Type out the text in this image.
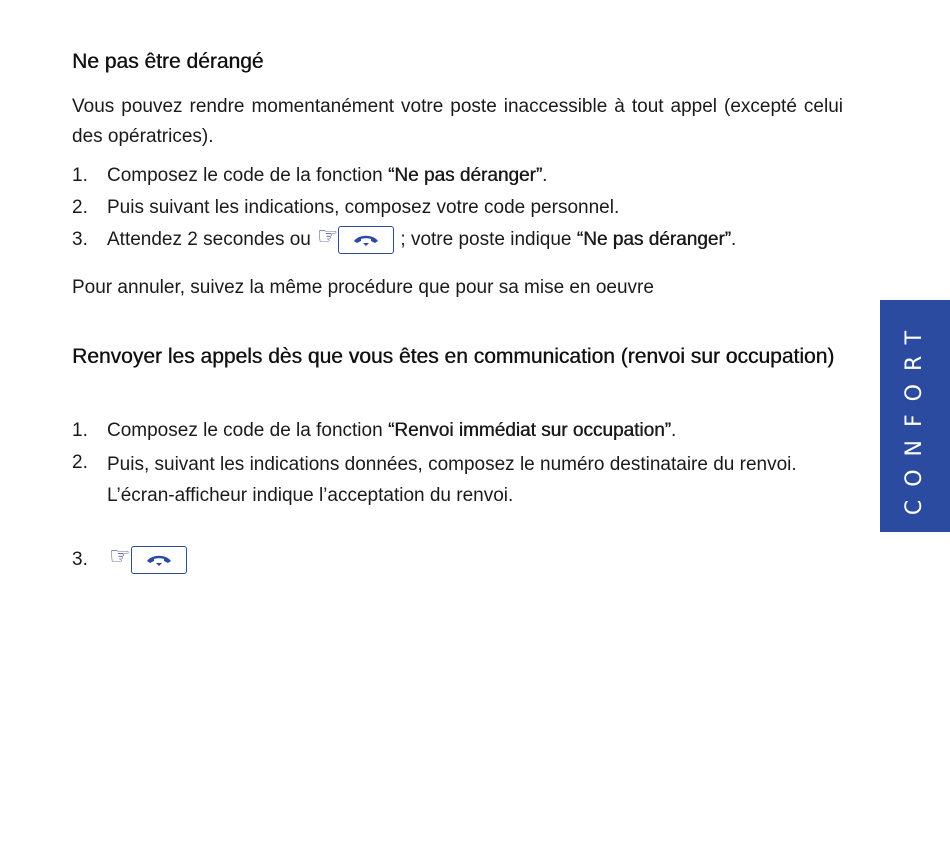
Ne pas être dérangé

Vous pouvez rendre momentanément votre poste inaccessible à tout appel (excepté celui des opératrices).

1.	Composez le code de la fonction “Ne pas déranger”.
2.	Puis suivant les indications, composez votre code personnel.
3.	Attendez 2 secondes ou ☞	; votre poste indique “Ne pas déranger”.

Pour annuler, suivez la même procédure que pour sa mise en oeuvre

Renvoyer les appels dès que vous êtes en communication (renvoi sur occupation)
1.	Composez le code de la fonction “Renvoi immédiat sur occupation”.
2.	Puis, suivant les indications données, composez le numéro destinataire du renvoi.
L’écran-afficheur indique l’acceptation du renvoi.
3. ☞
CONFORT
